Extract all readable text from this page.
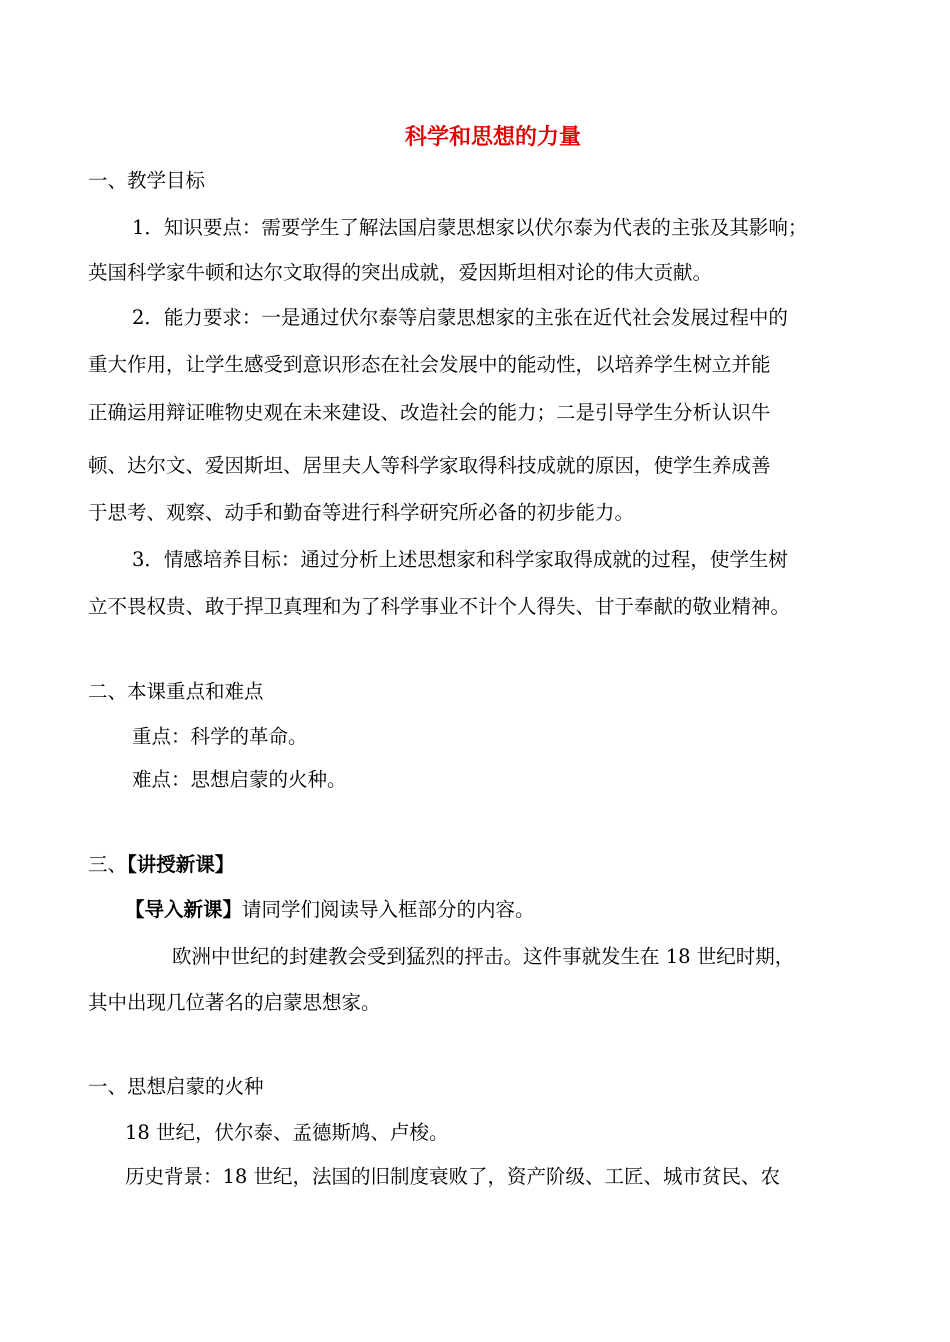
科学和思想的力量
一、教学目标
1．知识要点：需要学生了解法国启蒙思想家以伏尔泰为代表的主张及其影响；
英国科学家牛顿和达尔文取得的突出成就，爱因斯坦相对论的伟大贡献。
2．能力要求：一是通过伏尔泰等启蒙思想家的主张在近代社会发展过程中的
重大作用，让学生感受到意识形态在社会发展中的能动性，以培养学生树立并能
正确运用辩证唯物史观在未来建设、改造社会的能力；二是引导学生分析认识牛
顿、达尔文、爱因斯坦、居里夫人等科学家取得科技成就的原因，使学生养成善
于思考、观察、动手和勤奋等进行科学研究所必备的初步能力。
3．情感培养目标：通过分析上述思想家和科学家取得成就的过程，使学生树
立不畏权贵、敢于捍卫真理和为了科学事业不计个人得失、甘于奉献的敬业精神。
二、本课重点和难点
重点：科学的革命。
难点：思想启蒙的火种。
三、【讲授新课】
【导入新课】请同学们阅读导入框部分的内容。
欧洲中世纪的封建教会受到猛烈的抨击。这件事就发生在 18 世纪时期，
其中出现几位著名的启蒙思想家。
一、思想启蒙的火种
18 世纪，伏尔泰、孟德斯鸠、卢梭。
历史背景：18 世纪，法国的旧制度衰败了，资产阶级、工匠、城市贫民、农
